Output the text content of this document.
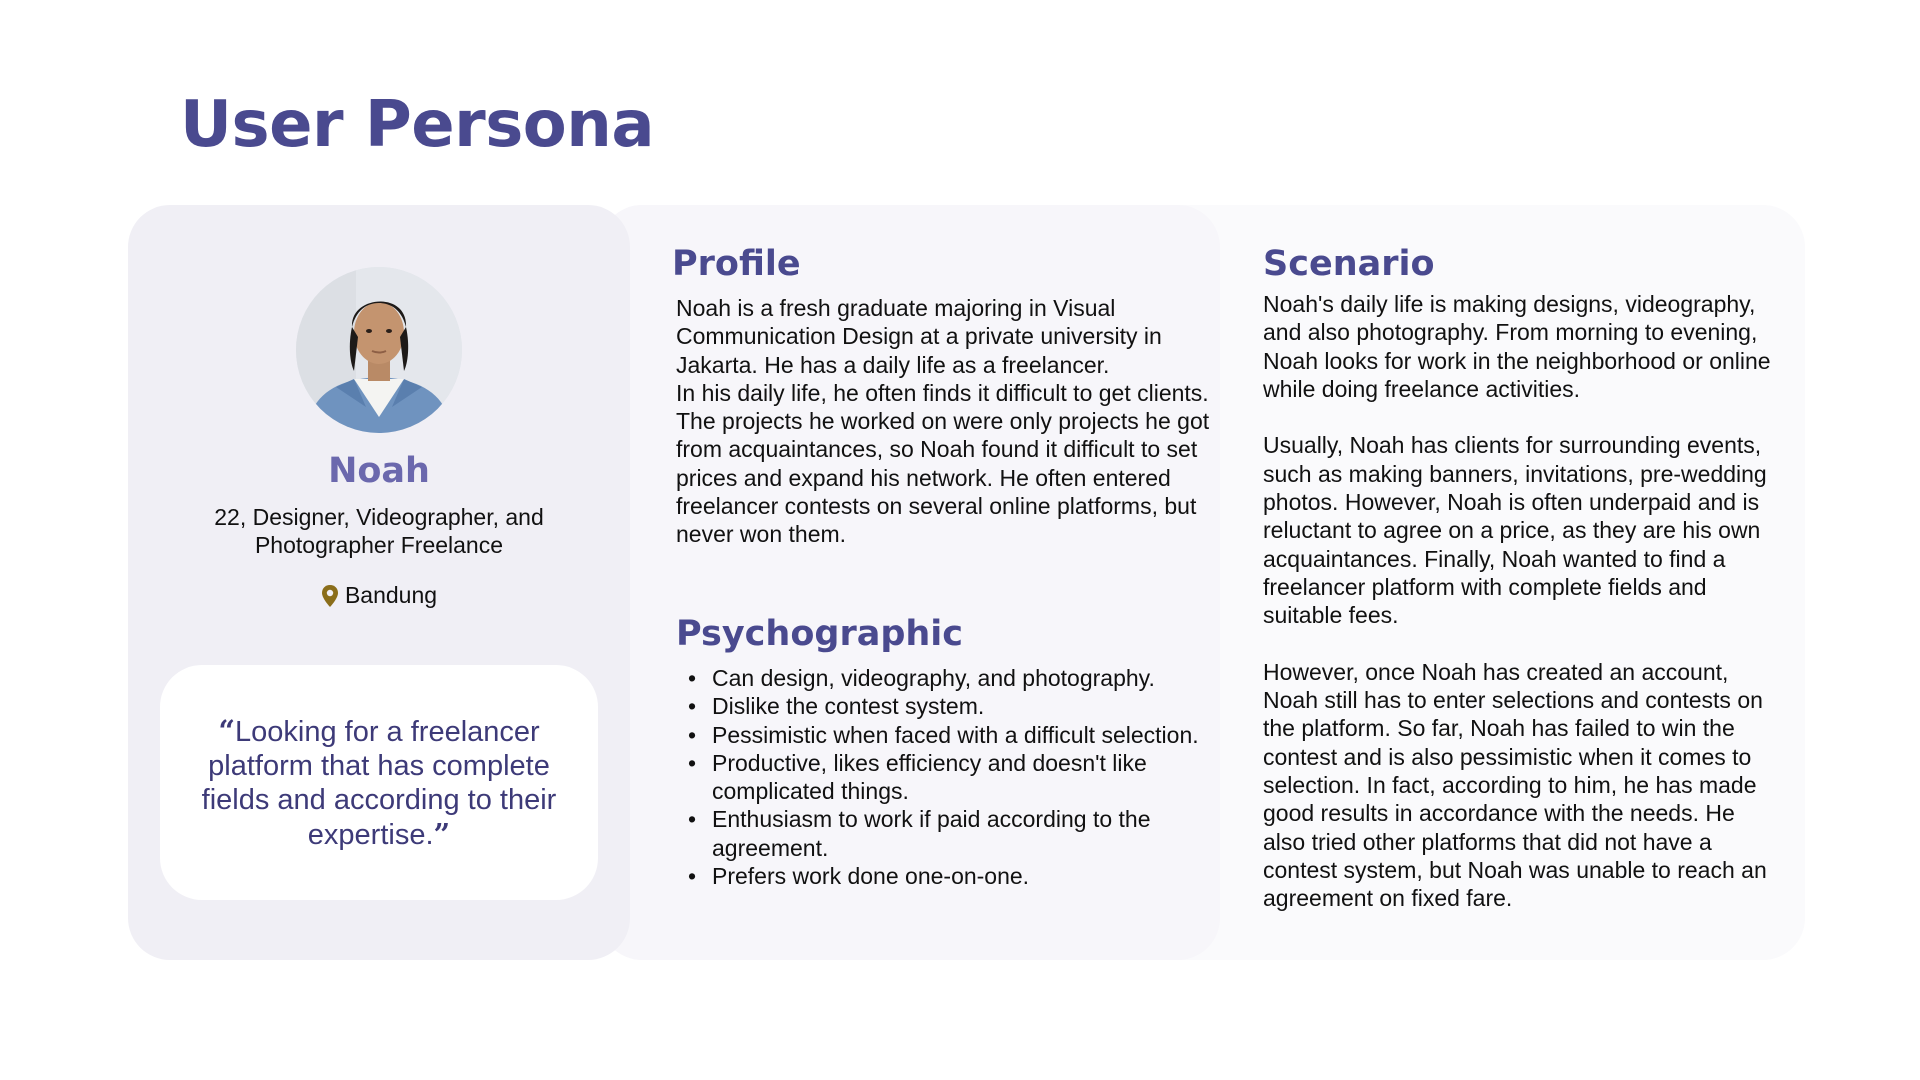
User Persona
Noah
22, Designer, Videographer, and Photographer Freelance
Bandung
“Looking for a freelancer platform that has complete fields and according to their expertise.”
Profile

Noah is a fresh graduate majoring in Visual Communication Design at a private university in Jakarta. He has a daily life as a freelancer.

In his daily life, he often finds it difficult to get clients. The projects he worked on were only projects he got from acquaintances, so Noah found it difficult to set prices and expand his network. He often entered freelancer contests on several online platforms, but never won them.

Psychographic
• Can design, videography, and photography.
• Dislike the contest system.
• Pessimistic when faced with a difficult selection.
• Productive, likes efficiency and doesn't like complicated things.
• Enthusiasm to work if paid according to the agreement.
• Prefers work done one-on-one.
Scenario

Noah's daily life is making designs, videography, and also photography. From morning to evening, Noah looks for work in the neighborhood or online while doing freelance activities.

Usually, Noah has clients for surrounding events, such as making banners, invitations, pre-wedding photos. However, Noah is often underpaid and is reluctant to agree on a price, as they are his own acquaintances. Finally, Noah wanted to find a freelancer platform with complete fields and suitable fees.

However, once Noah has created an account, Noah still has to enter selections and contests on the platform. So far, Noah has failed to win the contest and is also pessimistic when it comes to selection. In fact, according to him, he has made good results in accordance with the needs. He also tried other platforms that did not have a contest system, but Noah was unable to reach an agreement on fixed fare.
